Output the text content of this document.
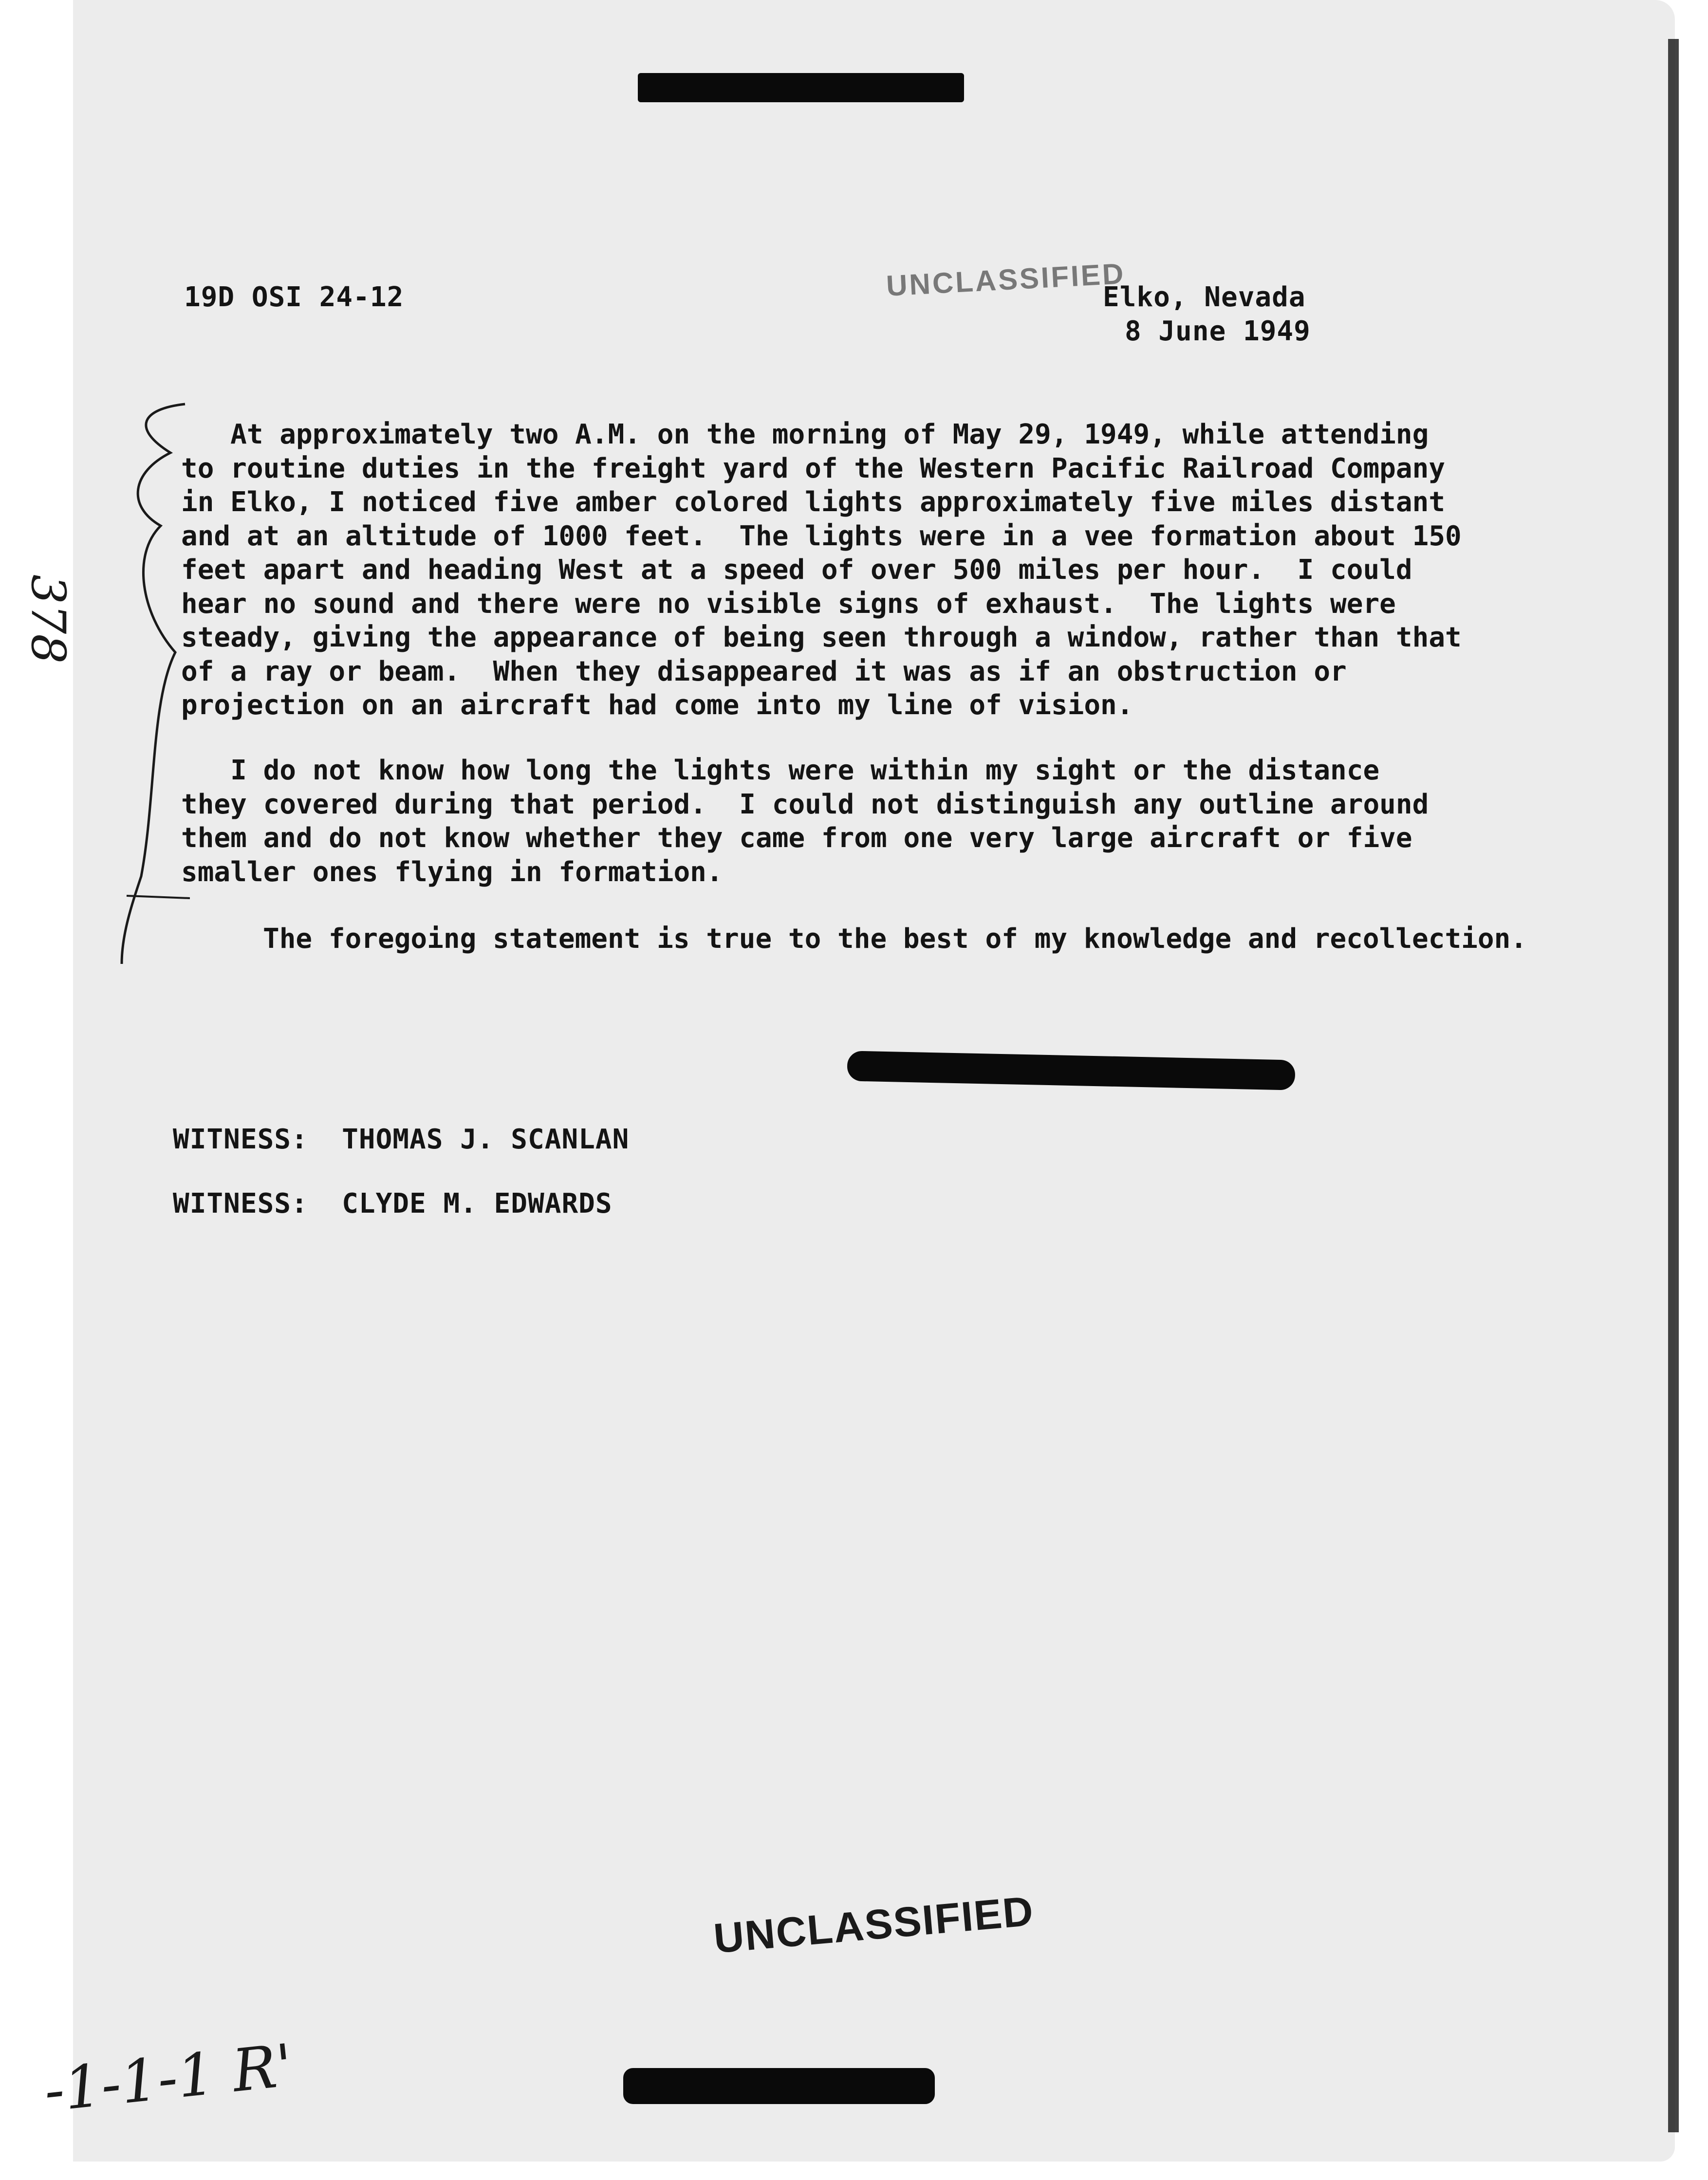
19D OSI 24-12	UNCLASSIFIED
Elko, Nevada
8 June 1949
378
At approximately two A.M. on the morning of May 29, 1949, while attending
to routine duties in the freight yard of the Western Pacific Railroad Company
in Elko, I noticed five amber colored lights approximately five miles distant
and at an altitude of 1000 feet.  The lights were in a vee formation about 150
feet apart and heading West at a speed of over 500 miles per hour.  I could
hear no sound and there were no visible signs of exhaust.  The lights were
steady, giving the appearance of being seen through a window, rather than that
of a ray or beam.  When they disappeared it was as if an obstruction or
projection on an aircraft had come into my line of vision.
I do not know how long the lights were within my sight or the distance
they covered during that period.  I could not distinguish any outline around
them and do not know whether they came from one very large aircraft or five
smaller ones flying in formation.
The foregoing statement is true to the best of my knowledge and recollection.
WITNESS: THOMAS J. SCANLAN
WITNESS: CLYDE M. EDWARDS
UNCLASSIFIED
-1-1-1 R'
